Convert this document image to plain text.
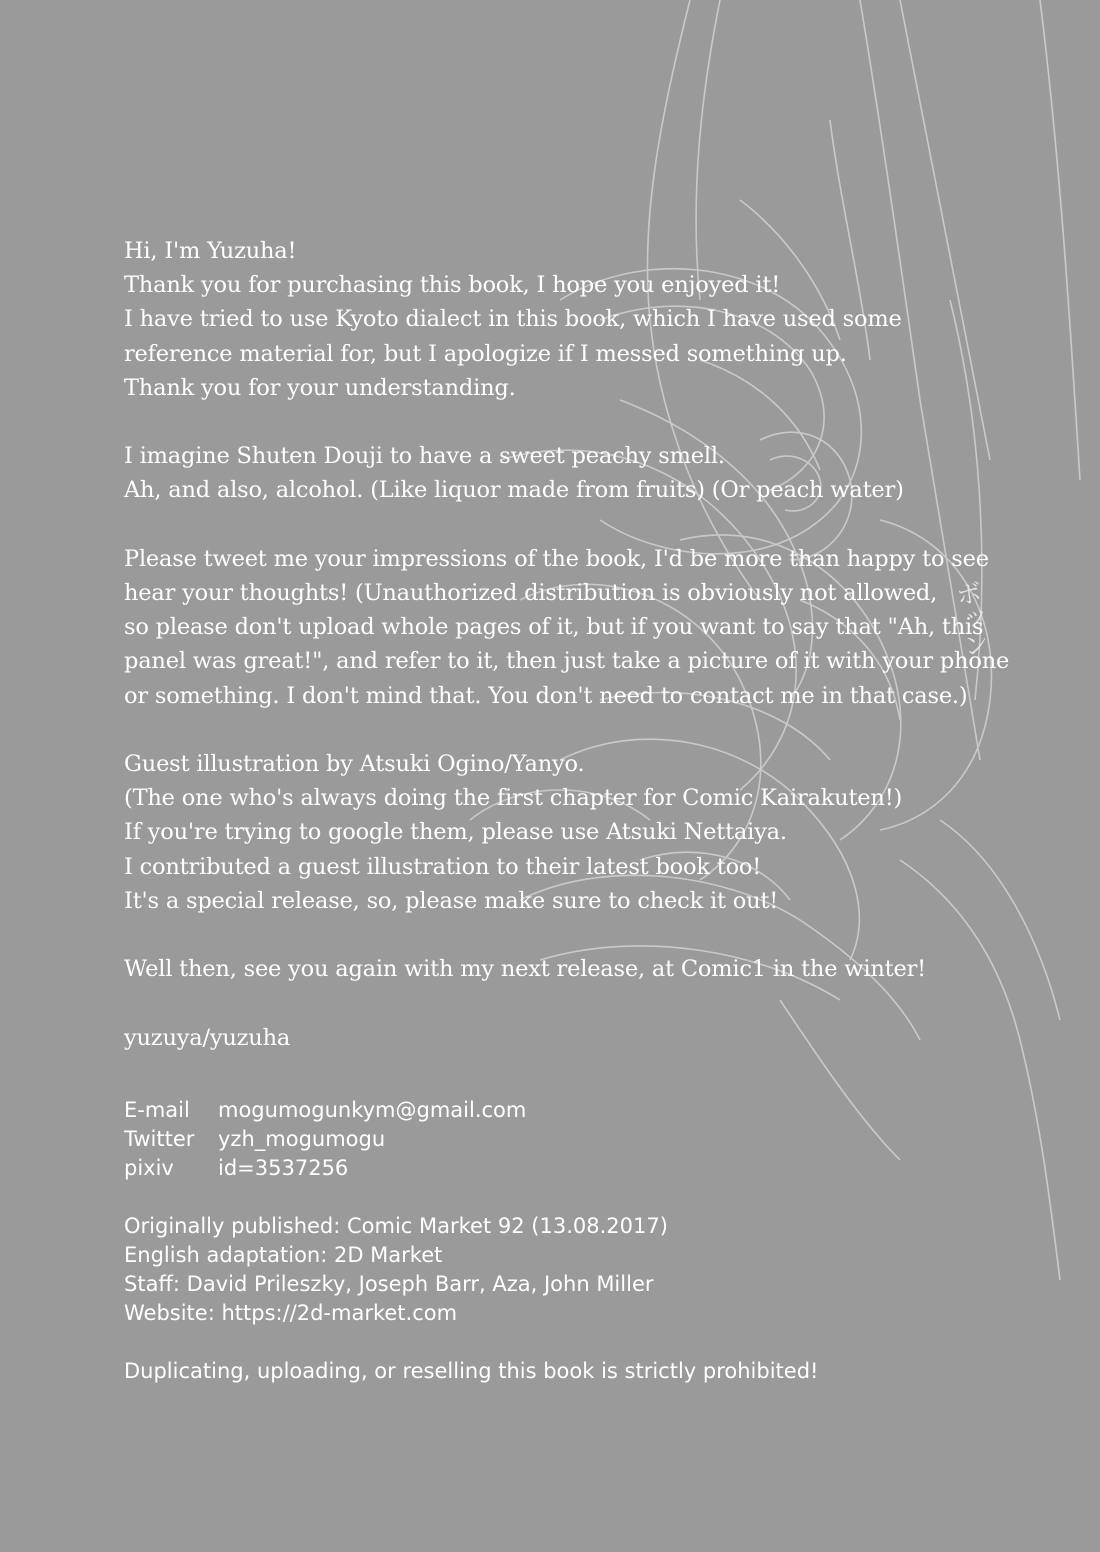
ボッン
Hi, I'm Yuzuha!
Thank you for purchasing this book, I hope you enjoyed it!
I have tried to use Kyoto dialect in this book, which I have used some
reference material for, but I apologize if I messed something up.
Thank you for your understanding.
I imagine Shuten Douji to have a sweet peachy smell.
Ah, and also, alcohol. (Like liquor made from fruits) (Or peach water)
Please tweet me your impressions of the book, I'd be more than happy to see
hear your thoughts! (Unauthorized distribution is obviously not allowed,
so please don't upload whole pages of it, but if you want to say that "Ah, this
panel was great!", and refer to it, then just take a picture of it with your phone
or something. I don't mind that. You don't need to contact me in that case.)
Guest illustration by Atsuki Ogino/Yanyo.
(The one who's always doing the first chapter for Comic Kairakuten!)
If you're trying to google them, please use Atsuki Nettaiya.
I contributed a guest illustration to their latest book too!
It's a special release, so, please make sure to check it out!
Well then, see you again with my next release, at Comic1 in the winter!
yuzuya/yuzuha
E-mail mogumogunkym@gmail.com
Twitter yzh_mogumogu
pixiv id=3537256
Originally published: Comic Market 92 (13.08.2017)
English adaptation: 2D Market
Staff: David Prileszky, Joseph Barr, Aza, John Miller
Website: https://2d-market.com
Duplicating, uploading, or reselling this book is strictly prohibited!
